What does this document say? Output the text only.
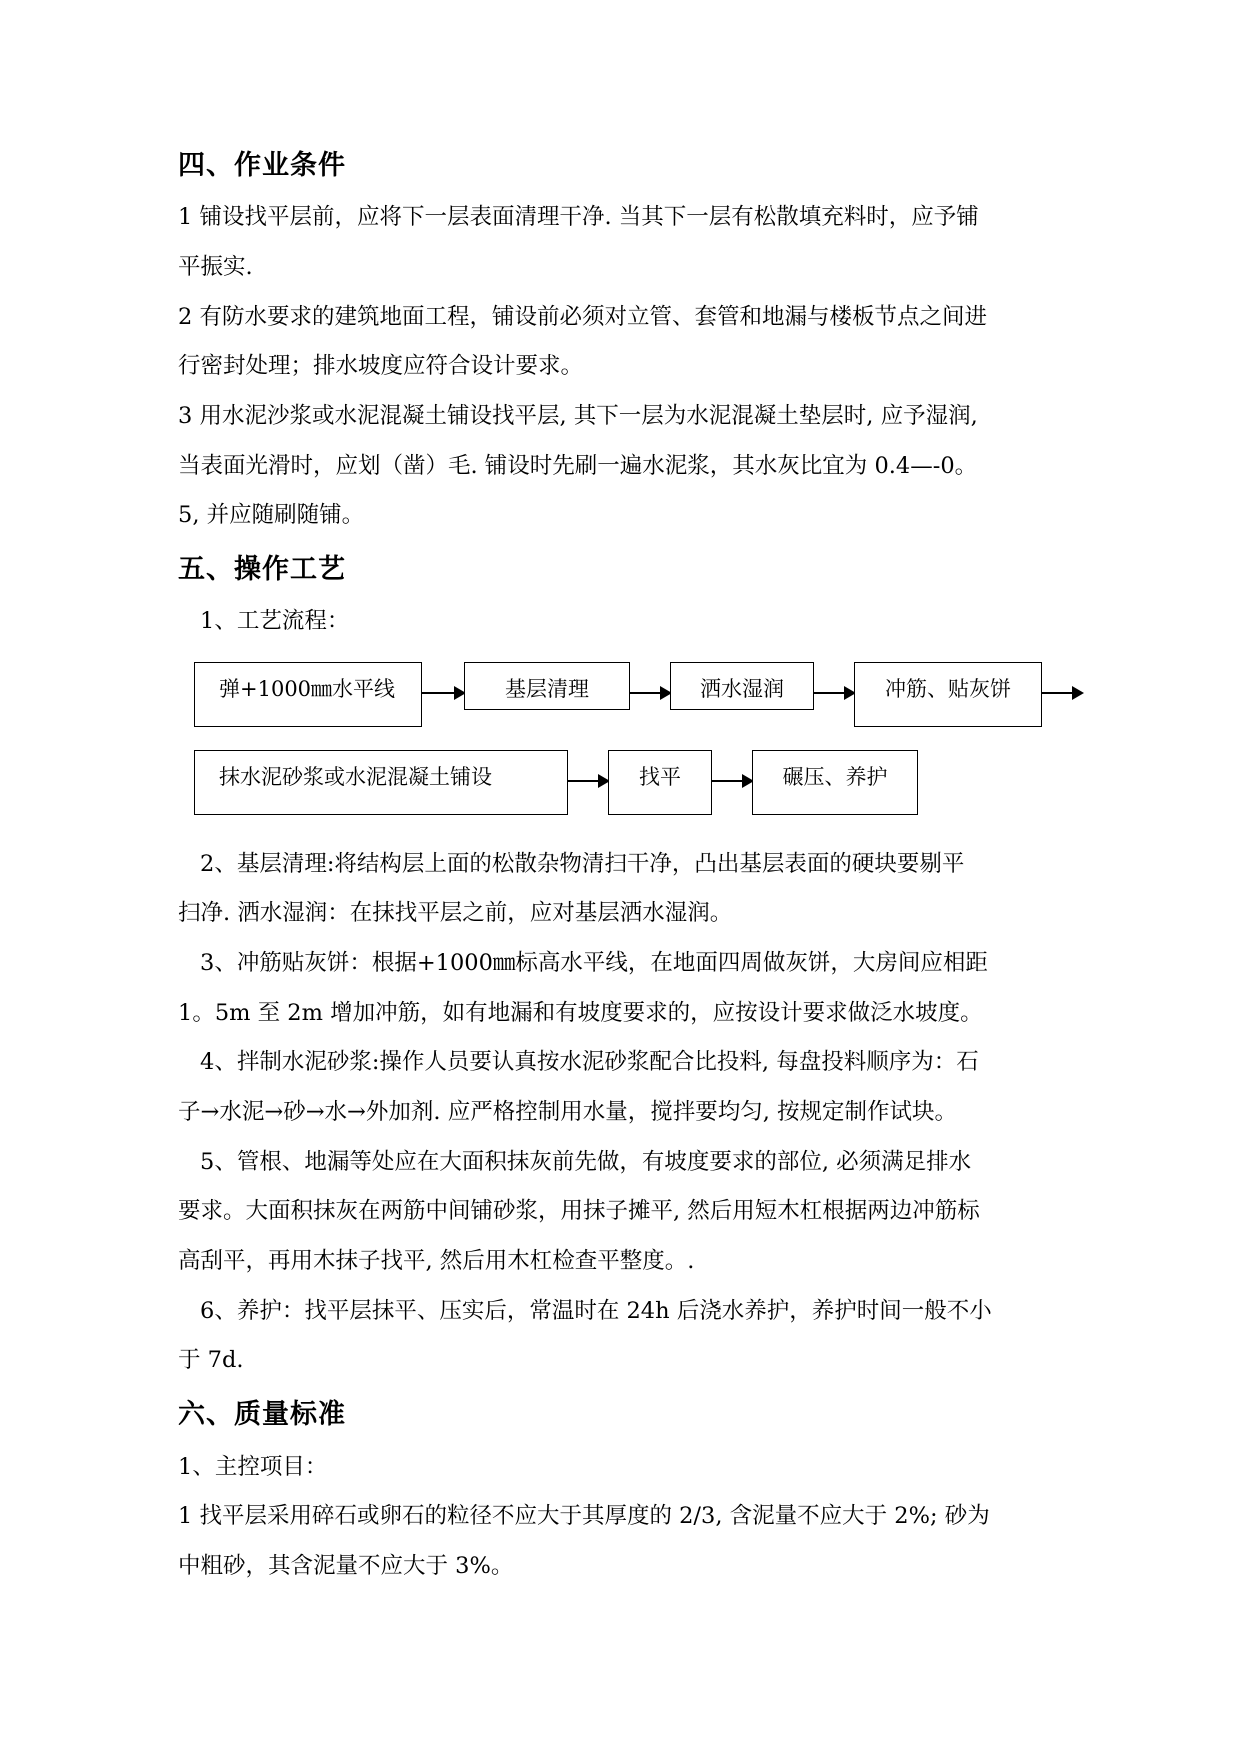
四、作业条件
1 铺设找平层前，应将下一层表面清理干净. 当其下一层有松散填充料时，应予铺
平振实.
2 有防水要求的建筑地面工程，铺设前必须对立管、套管和地漏与楼板节点之间进
行密封处理；排水坡度应符合设计要求。
3 用水泥沙浆或水泥混凝土铺设找平层, 其下一层为水泥混凝土垫层时, 应予湿润,
当表面光滑时，应划（凿）毛. 铺设时先刷一遍水泥浆，其水灰比宜为 0.4—-0。
5, 并应随刷随铺。
五、操作工艺
1、工艺流程：
弹+1000㎜水平线	基层清理	洒水湿润	冲筋、贴灰饼
抹水泥砂浆或水泥混凝土铺设	找平	碾压、养护
2、基层清理:将结构层上面的松散杂物清扫干净，凸出基层表面的硬块要剔平
扫净. 洒水湿润：在抹找平层之前，应对基层洒水湿润。
3、冲筋贴灰饼：根据+1000㎜标高水平线，在地面四周做灰饼，大房间应相距
1。5m 至 2m 增加冲筋，如有地漏和有坡度要求的，应按设计要求做泛水坡度。
4、拌制水泥砂浆:操作人员要认真按水泥砂浆配合比投料, 每盘投料顺序为：石
子→水泥→砂→水→外加剂. 应严格控制用水量，搅拌要均匀, 按规定制作试块。
5、管根、地漏等处应在大面积抹灰前先做，有坡度要求的部位, 必须满足排水
要求。大面积抹灰在两筋中间铺砂浆，用抹子摊平, 然后用短木杠根据两边冲筋标
高刮平，再用木抹子找平, 然后用木杠检查平整度。.
6、养护：找平层抹平、压实后，常温时在 24h 后浇水养护，养护时间一般不小
于 7d.
六、质量标准
1、主控项目：
1 找平层采用碎石或卵石的粒径不应大于其厚度的 2/3, 含泥量不应大于 2%; 砂为
中粗砂，其含泥量不应大于 3%。
